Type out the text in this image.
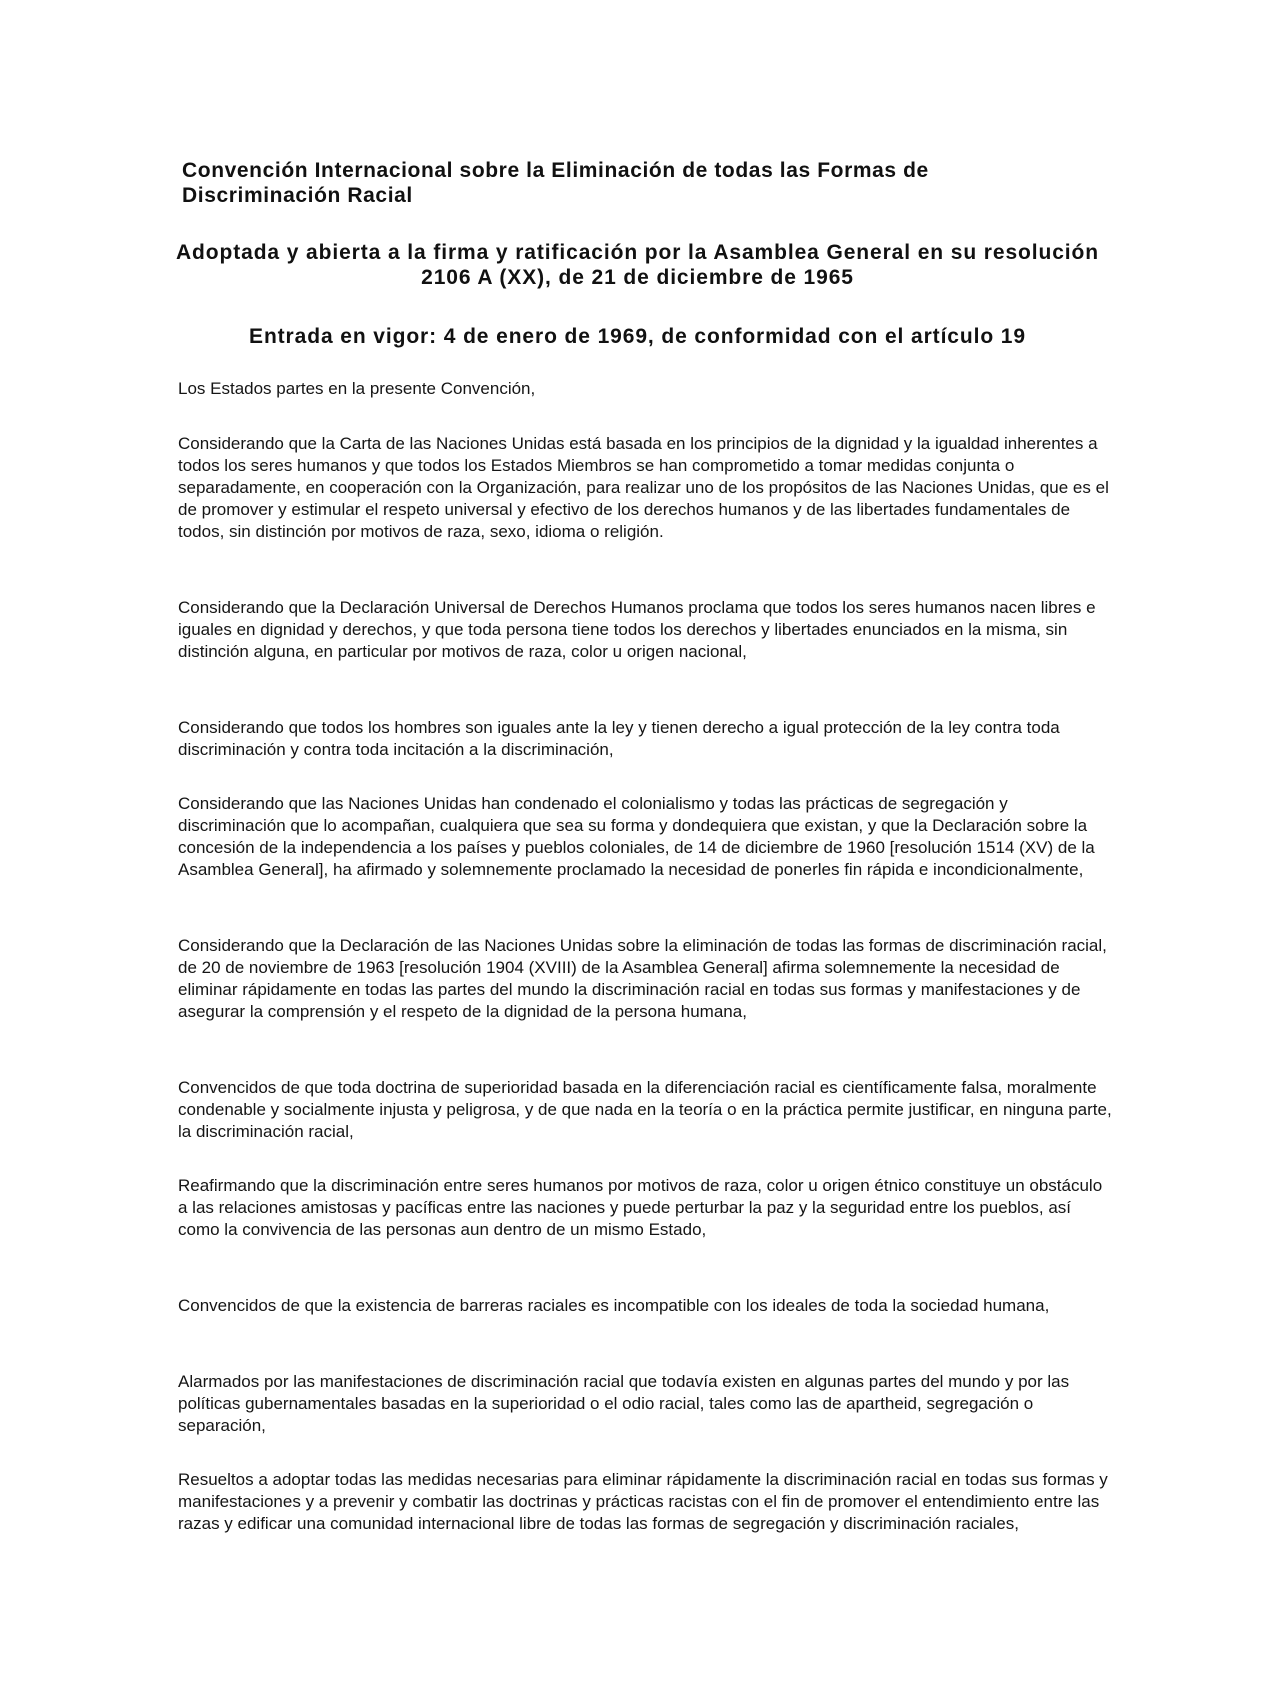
Convención Internacional sobre la Eliminación de todas las Formas de Discriminación Racial
Adoptada y abierta a la firma y ratificación por la Asamblea General en su resolución 2106 A (XX), de 21 de diciembre de 1965
Entrada en vigor: 4 de enero de 1969, de conformidad con el artículo 19

Los Estados partes en la presente Convención,

Considerando que la Carta de las Naciones Unidas está basada en los principios de la dignidad y la igualdad inherentes a todos los seres humanos y que todos los Estados Miembros se han comprometido a tomar medidas conjunta o separadamente, en cooperación con la Organización, para realizar uno de los propósitos de las Naciones Unidas, que es el de promover y estimular el respeto universal y efectivo de los derechos humanos y de las libertades fundamentales de todos, sin distinción por motivos de raza, sexo, idioma o religión.

Considerando que la Declaración Universal de Derechos Humanos proclama que todos los seres humanos nacen libres e iguales en dignidad y derechos, y que toda persona tiene todos los derechos y libertades enunciados en la misma, sin distinción alguna, en particular por motivos de raza, color u origen nacional,

Considerando que todos los hombres son iguales ante la ley y tienen derecho a igual protección de la ley contra toda discriminación y contra toda incitación a la discriminación,

Considerando que las Naciones Unidas han condenado el colonialismo y todas las prácticas de segregación y discriminación que lo acompañan, cualquiera que sea su forma y dondequiera que existan, y que la Declaración sobre la concesión de la independencia a los países y pueblos coloniales, de 14 de diciembre de 1960 [resolución 1514 (XV) de la Asamblea General], ha afirmado y solemnemente proclamado la necesidad de ponerles fin rápida e incondicionalmente,

Considerando que la Declaración de las Naciones Unidas sobre la eliminación de todas las formas de discriminación racial, de 20 de noviembre de 1963 [resolución 1904 (XVIII) de la Asamblea General] afirma solemnemente la necesidad de eliminar rápidamente en todas las partes del mundo la discriminación racial en todas sus formas y manifestaciones y de asegurar la comprensión y el respeto de la dignidad de la persona humana,

Convencidos de que toda doctrina de superioridad basada en la diferenciación racial es científicamente falsa, moralmente condenable y socialmente injusta y peligrosa, y de que nada en la teoría o en la práctica permite justificar, en ninguna parte, la discriminación racial,

Reafirmando que la discriminación entre seres humanos por motivos de raza, color u origen étnico constituye un obstáculo a las relaciones amistosas y pacíficas entre las naciones y puede perturbar la paz y la seguridad entre los pueblos, así como la convivencia de las personas aun dentro de un mismo Estado,

Convencidos de que la existencia de barreras raciales es incompatible con los ideales de toda la sociedad humana,

Alarmados por las manifestaciones de discriminación racial que todavía existen en algunas partes del mundo y por las políticas gubernamentales basadas en la superioridad o el odio racial, tales como las de apartheid, segregación o separación,

Resueltos a adoptar todas las medidas necesarias para eliminar rápidamente la discriminación racial en todas sus formas y manifestaciones y a prevenir y combatir las doctrinas y prácticas racistas con el fin de promover el entendimiento entre las razas y edificar una comunidad internacional libre de todas las formas de segregación y discriminación raciales,
